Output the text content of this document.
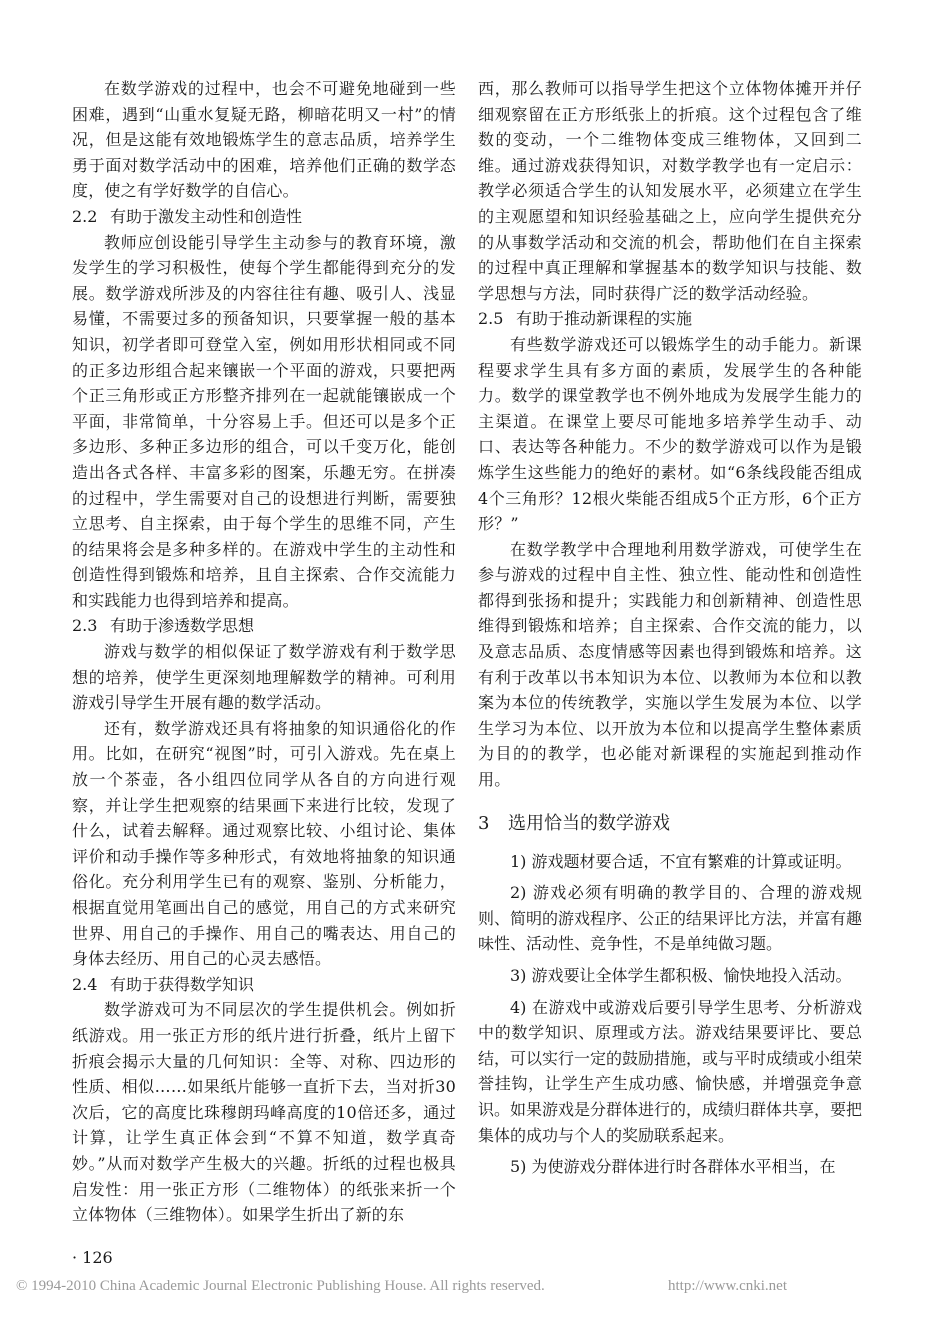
在数学游戏的过程中，也会不可避免地碰到一些困难，遇到“山重水复疑无路，柳暗花明又一村”的情况，但是这能有效地锻炼学生的意志品质，培养学生勇于面对数学活动中的困难，培养他们正确的数学态度，使之有学好数学的自信心。

2.2 有助于激发主动性和创造性

教师应创设能引导学生主动参与的教育环境，激发学生的学习积极性，使每个学生都能得到充分的发展。数学游戏所涉及的内容往往有趣、吸引人、浅显易懂，不需要过多的预备知识，只要掌握一般的基本知识，初学者即可登堂入室，例如用形状相同或不同的正多边形组合起来镶嵌一个平面的游戏，只要把两个正三角形或正方形整齐排列在一起就能镶嵌成一个平面，非常简单，十分容易上手。但还可以是多个正多边形、多种正多边形的组合，可以千变万化，能创造出各式各样、丰富多彩的图案，乐趣无穷。在拼凑的过程中，学生需要对自己的设想进行判断，需要独立思考、自主探索，由于每个学生的思维不同，产生的结果将会是多种多样的。在游戏中学生的主动性和创造性得到锻炼和培养，且自主探索、合作交流能力和实践能力也得到培养和提高。

2.3 有助于渗透数学思想

游戏与数学的相似保证了数学游戏有利于数学思想的培养，使学生更深刻地理解数学的精神。可利用游戏引导学生开展有趣的数学活动。

还有，数学游戏还具有将抽象的知识通俗化的作用。比如，在研究“视图”时，可引入游戏。先在桌上放一个茶壶，各小组四位同学从各自的方向进行观察，并让学生把观察的结果画下来进行比较，发现了什么，试着去解释。通过观察比较、小组讨论、集体评价和动手操作等多种形式，有效地将抽象的知识通俗化。充分利用学生已有的观察、鉴别、分析能力，根据直觉用笔画出自己的感觉，用自己的方式来研究世界、用自己的手操作、用自己的嘴表达、用自己的身体去经历、用自己的心灵去感悟。

2.4 有助于获得数学知识

数学游戏可为不同层次的学生提供机会。例如折纸游戏。用一张正方形的纸片进行折叠，纸片上留下折痕会揭示大量的几何知识：全等、对称、四边形的性质、相似……如果纸片能够一直折下去，当对折30次后，它的高度比珠穆朗玛峰高度的10倍还多，通过计算，让学生真正体会到“不算不知道，数学真奇妙。”从而对数学产生极大的兴趣。折纸的过程也极具启发性：用一张正方形（二维物体）的纸张来折一个立体物体（三维物体）。如果学生折出了新的东

西，那么教师可以指导学生把这个立体物体摊开并仔细观察留在正方形纸张上的折痕。这个过程包含了维数的变动，一个二维物体变成三维物体，又回到二维。通过游戏获得知识，对数学教学也有一定启示：教学必须适合学生的认知发展水平，必须建立在学生的主观愿望和知识经验基础之上，应向学生提供充分的从事数学活动和交流的机会，帮助他们在自主探索的过程中真正理解和掌握基本的数学知识与技能、数学思想与方法，同时获得广泛的数学活动经验。

2.5 有助于推动新课程的实施

有些数学游戏还可以锻炼学生的动手能力。新课程要求学生具有多方面的素质，发展学生的各种能力。数学的课堂教学也不例外地成为发展学生能力的主渠道。在课堂上要尽可能地多培养学生动手、动口、表达等各种能力。不少的数学游戏可以作为是锻炼学生这些能力的绝好的素材。如“6条线段能否组成4个三角形？12根火柴能否组成5个正方形，6个正方形？”

在数学教学中合理地利用数学游戏，可使学生在参与游戏的过程中自主性、独立性、能动性和创造性都得到张扬和提升；实践能力和创新精神、创造性思维得到锻炼和培养；自主探索、合作交流的能力，以及意志品质、态度情感等因素也得到锻炼和培养。这有利于改革以书本知识为本位、以教师为本位和以教案为本位的传统教学，实施以学生发展为本位、以学生学习为本位、以开放为本位和以提高学生整体素质为目的的教学，也必能对新课程的实施起到推动作用。

3 选用恰当的数学游戏

1) 游戏题材要合适，不宜有繁难的计算或证明。

2) 游戏必须有明确的教学目的、合理的游戏规则、简明的游戏程序、公正的结果评比方法，并富有趣味性、活动性、竞争性，不是单纯做习题。

3) 游戏要让全体学生都积极、愉快地投入活动。

4) 在游戏中或游戏后要引导学生思考、分析游戏中的数学知识、原理或方法。游戏结果要评比、要总结，可以实行一定的鼓励措施，或与平时成绩或小组荣誉挂钩，让学生产生成功感、愉快感，并增强竞争意识。如果游戏是分群体进行的，成绩归群体共享，要把集体的成功与个人的奖励联系起来。

5) 为使游戏分群体进行时各群体水平相当，在

· 126
© 1994-2010 China Academic Journal Electronic Publishing House. All rights reserved.	http://www.cnki.net
